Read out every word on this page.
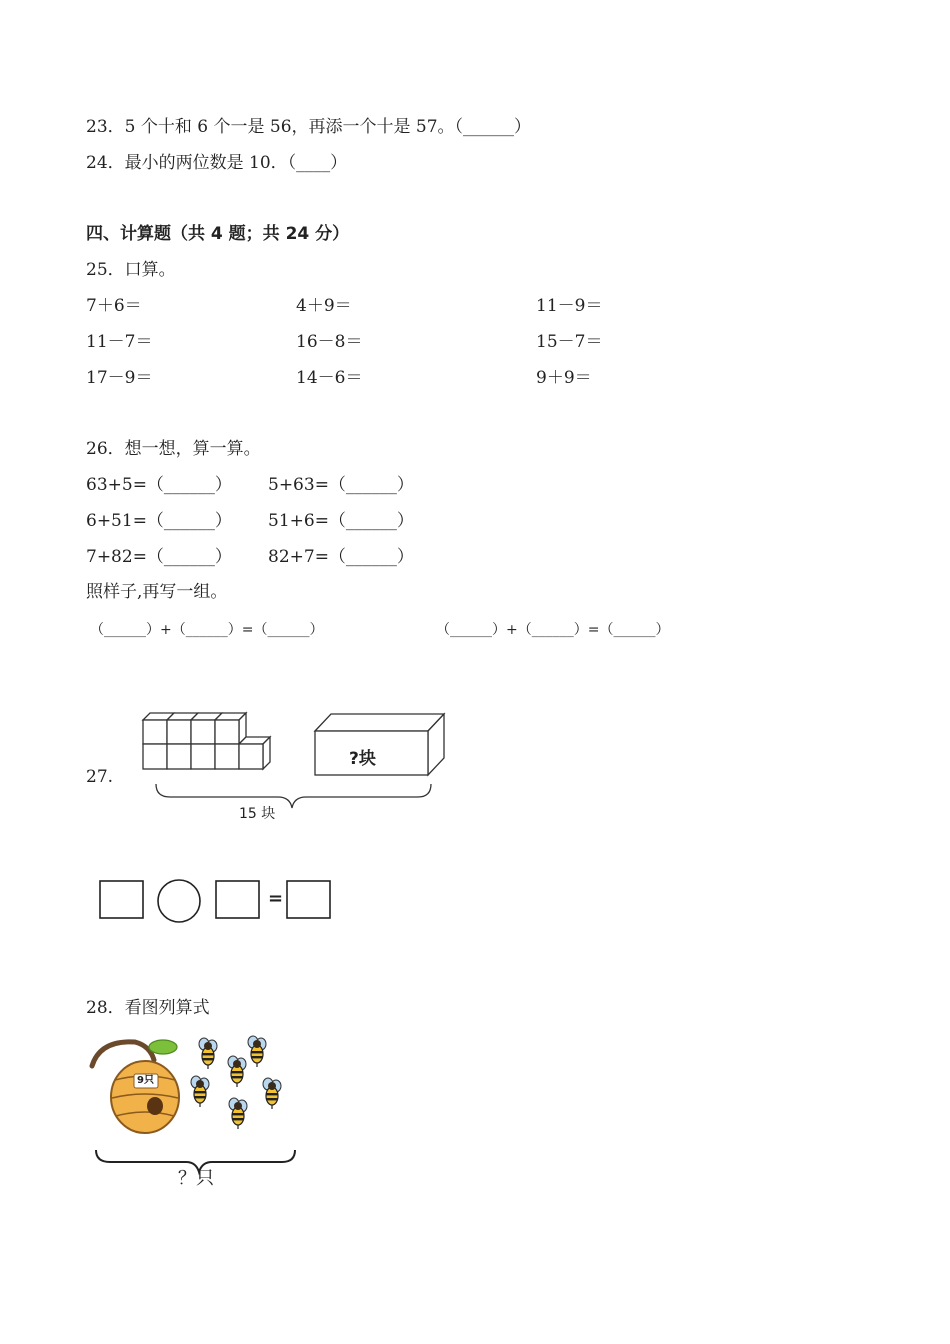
23．5 个十和 6 个一是 56，再添一个十是 57。（______）
24．最小的两位数是 10．（____）
四、计算题（共 4 题；共 24 分）
25．口算。
7＋6＝	4＋9＝	11－9＝
11－7＝	16－8＝	15－7＝
17－9＝	14－6＝	9＋9＝
26．想一想，算一算。
63+5=（______） 5+63=（______）
6+51=（______） 51+6=（______）
7+82=（______） 82+7=（______）
照样子,再写一组。
（______）+（______）=（______）	（______）+（______）=（______）
27.
?块
15 块
=
28．看图列算式
9只
？只
